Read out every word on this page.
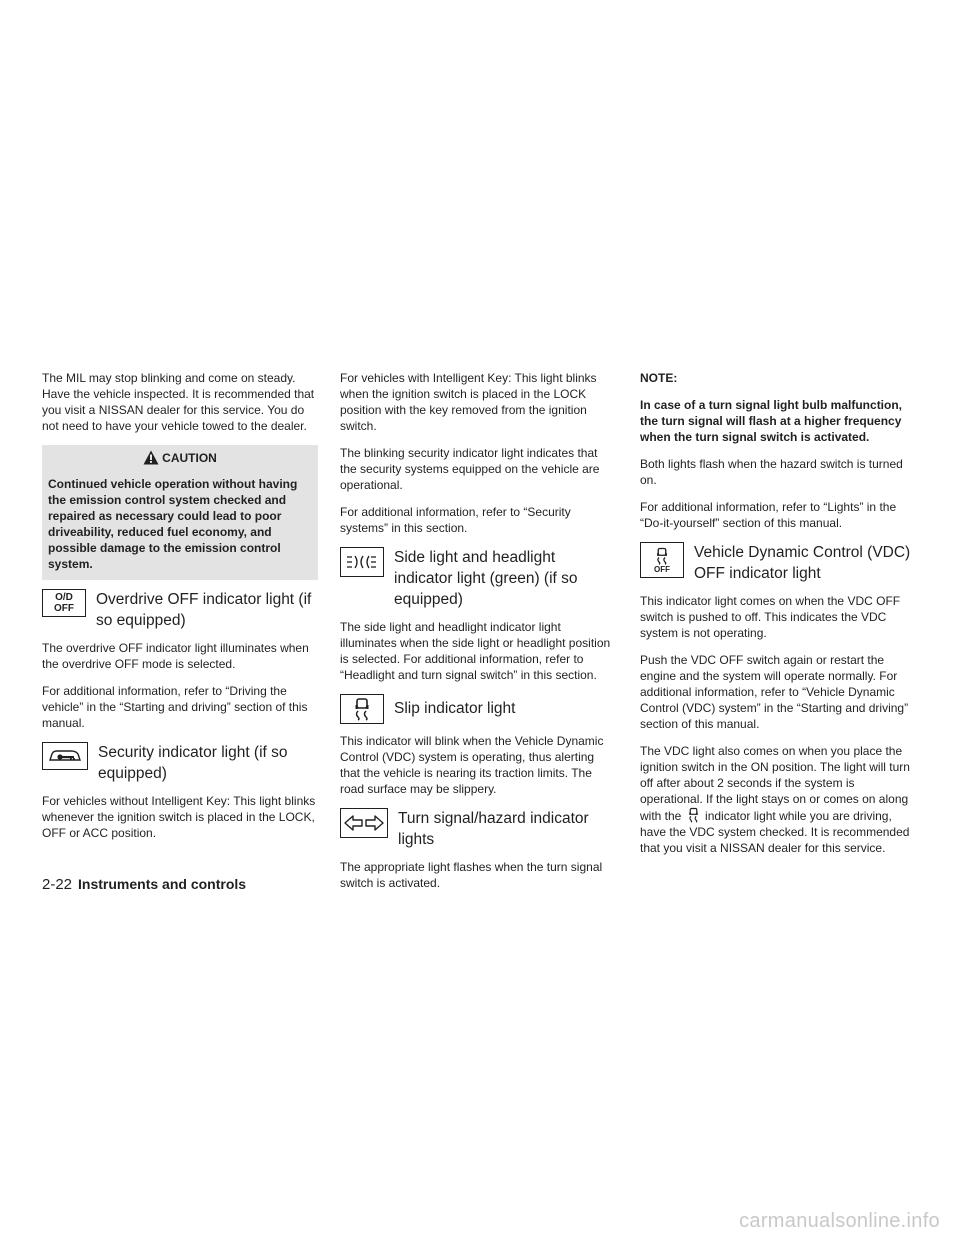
The MIL may stop blinking and come on steady. Have the vehicle inspected. It is recommended that you visit a NISSAN dealer for this service. You do not need to have your vehicle towed to the dealer.

CAUTION
Continued vehicle operation without having the emission control system checked and repaired as necessary could lead to poor driveability, reduced fuel economy, and possible damage to the emission control system.
O/D
OFF
Overdrive OFF indicator light (if so equipped)

The overdrive OFF indicator light illuminates when the overdrive OFF mode is selected.

For additional information, refer to “Driving the vehicle” in the “Starting and driving” section of this manual.

Security indicator light (if so equipped)

For vehicles without Intelligent Key: This light blinks whenever the ignition switch is placed in the LOCK, OFF or ACC position.

For vehicles with Intelligent Key: This light blinks when the ignition switch is placed in the LOCK position with the key removed from the ignition switch.

The blinking security indicator light indicates that the security systems equipped on the vehicle are operational.

For additional information, refer to “Security systems” in this section.

Side light and headlight indicator light (green) (if so equipped)

The side light and headlight indicator light illuminates when the side light or headlight position is selected. For additional information, refer to “Headlight and turn signal switch” in this section.

Slip indicator light

This indicator will blink when the Vehicle Dynamic Control (VDC) system is operating, thus alerting that the vehicle is nearing its traction limits. The road surface may be slippery.

Turn signal/hazard indicator lights

The appropriate light flashes when the turn signal switch is activated.

NOTE:

In case of a turn signal light bulb malfunction, the turn signal will flash at a higher frequency when the turn signal switch is activated.

Both lights flash when the hazard switch is turned on.

For additional information, refer to “Lights” in the “Do-it-yourself” section of this manual.

OFF
Vehicle Dynamic Control (VDC) OFF indicator light

This indicator light comes on when the VDC OFF switch is pushed to off. This indicates the VDC system is not operating.

Push the VDC OFF switch again or restart the engine and the system will operate normally. For additional information, refer to “Vehicle Dynamic Control (VDC) system” in the “Starting and driving” section of this manual.

The VDC light also comes on when you place the ignition switch in the ON position. The light will turn off after about 2 seconds if the system is operational. If the light stays on or comes on along with the indicator light while you are driving, have the VDC system checked. It is recommended that you visit a NISSAN dealer for this service.

2-22 Instruments and controls
carmanualsonline.info
